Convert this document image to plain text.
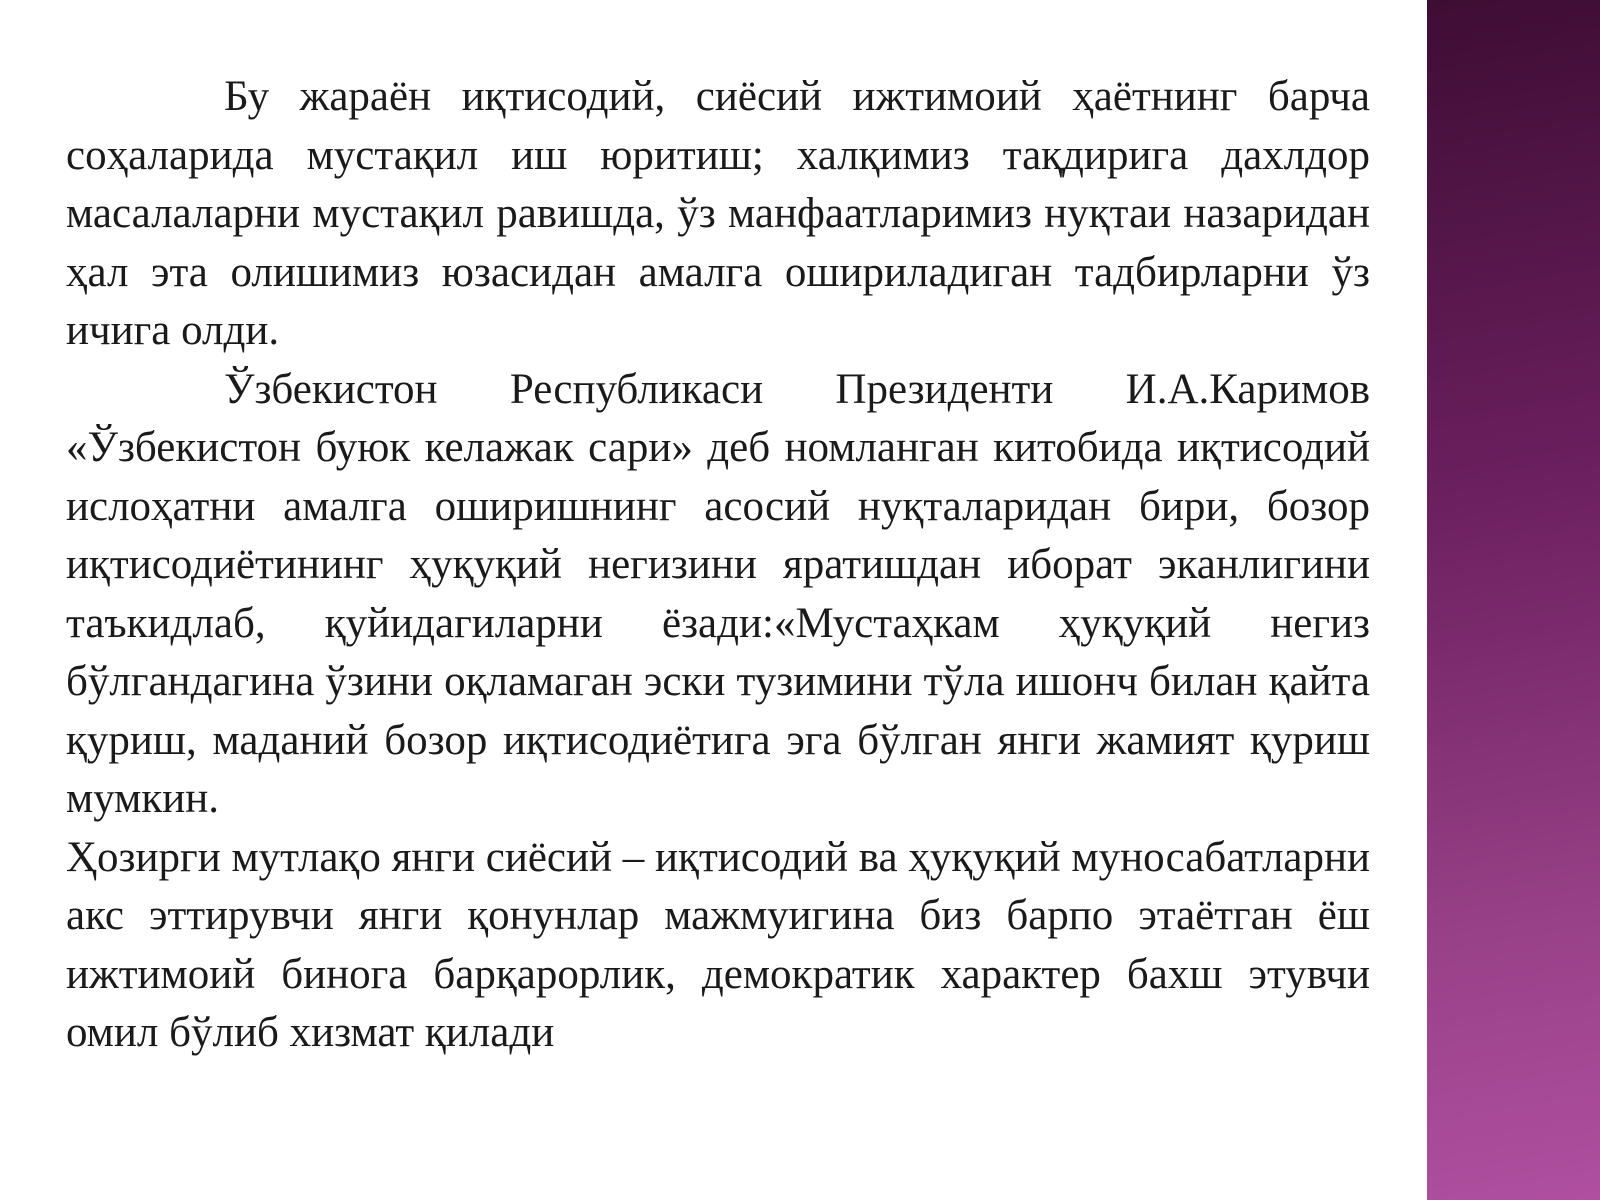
Бу жараён иқтисодий, сиёсий ижтимоий ҳаётнинг барча соҳаларида мустақил иш юритиш; халқимиз тақдирига дахлдор масалаларни мустақил равишда, ўз манфаатларимиз нуқтаи назаридан ҳал эта олишимиз юзасидан амалга ошириладиган тадбирларни ўз ичига олди.

Ўзбекистон Республикаси Президенти И.А.Каримов «Ўзбекистон буюк келажак сари» деб номланган китобида иқтисодий ислоҳатни амалга оширишнинг асосий нуқталаридан бири, бозор иқтисодиётининг ҳуқуқий негизини яратишдан иборат эканлигини таъкидлаб, қуйидагиларни ёзади:«Мустаҳкам ҳуқуқий негиз бўлгандагина ўзини оқламаган эски тузимини тўла ишонч билан қайта қуриш, маданий бозор иқтисодиётига эга бўлган янги жамият қуриш мумкин.

Ҳозирги мутлақо янги сиёсий – иқтисодий ва ҳуқуқий муносабатларни акс эттирувчи янги қонунлар мажмуигина биз барпо этаётган ёш ижтимоий бинога барқарорлик, демократик характер бахш этувчи омил бўлиб хизмат қилади
